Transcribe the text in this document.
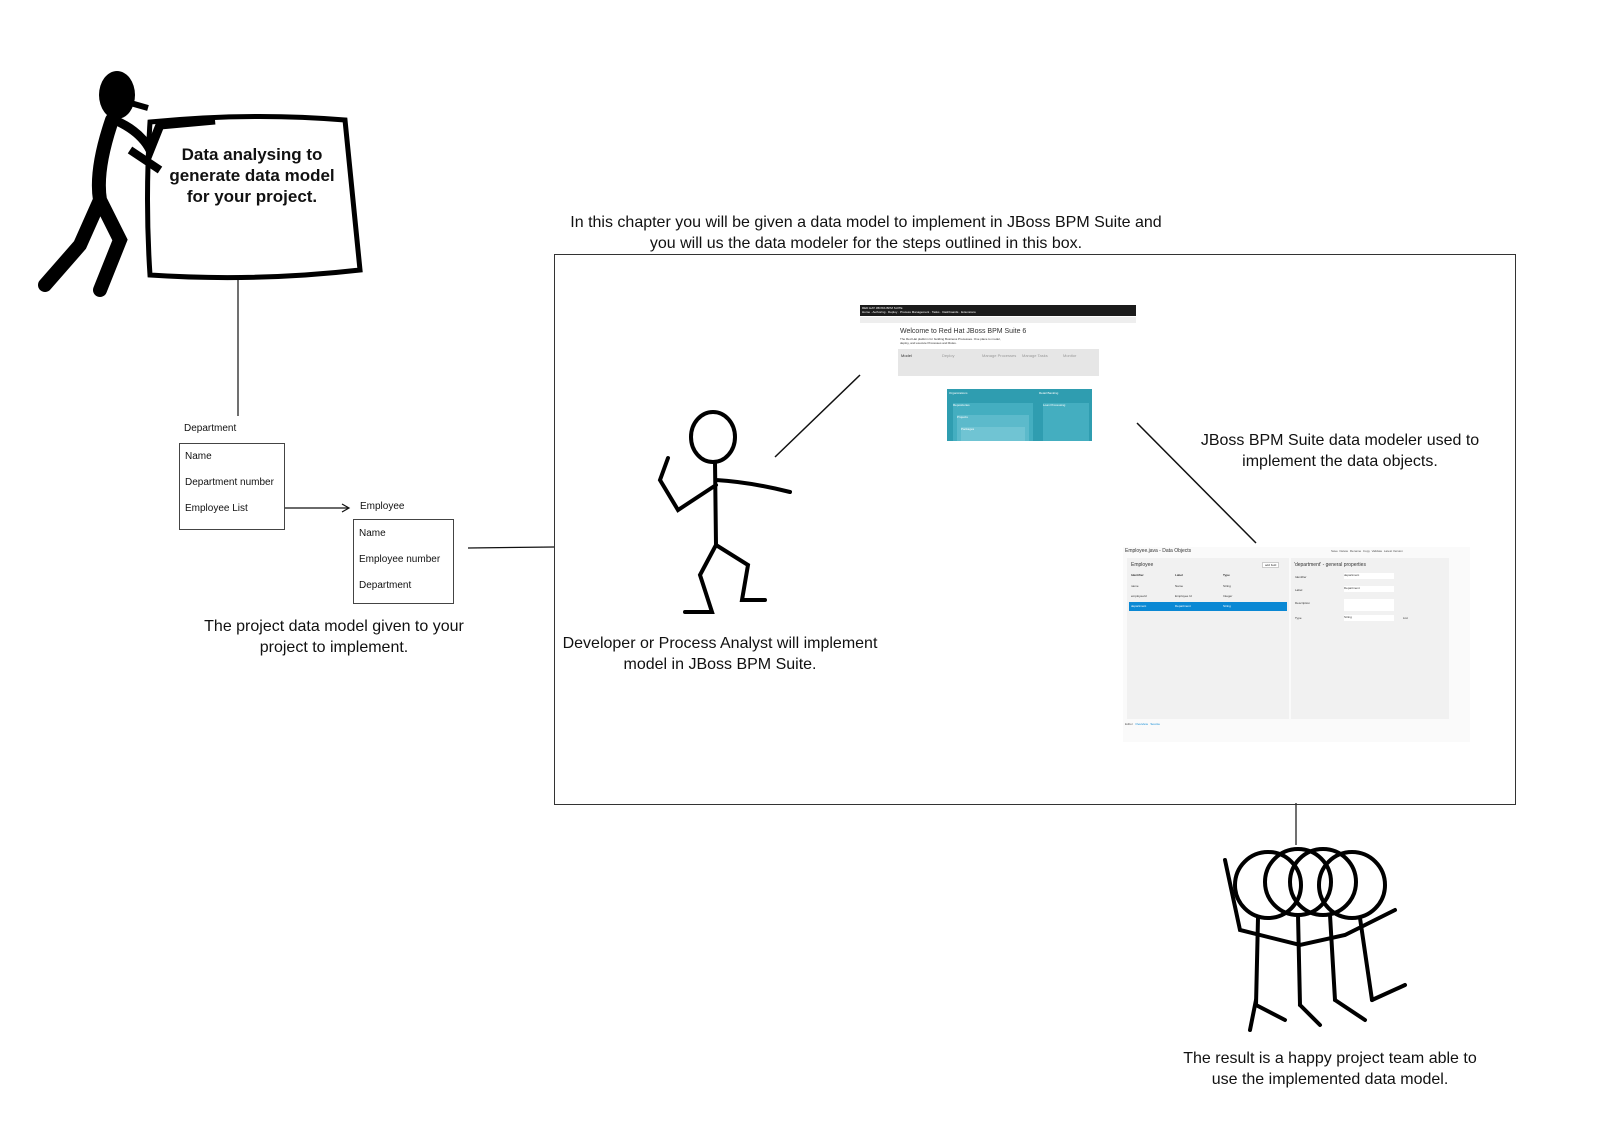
Data analysing to generate data model for your project.
Department
Name
Department number
Employee List	Employee
Name
Employee number
Department
The project data model given to your project to implement.
In this chapter you will be given a data model to implement in JBoss BPM Suite and you will us the data modeler for the steps outlined in this box.
Developer or Process Analyst will implement model in JBoss BPM Suite.
JBoss BPM Suite data modeler used to implement the data objects.
The result is a happy project team able to use the implemented data model.
RED HAT JBOSS BPM SUITE
Home · Authoring · Deploy · Process Management · Tasks · Dashboards · Extensions
Welcome to Red Hat JBoss BPM Suite 6
The Red Hat platform for building Business Processes. One place to model, deploy, and execute Processes and Rules.
Model	Deploy	Manage Processes Manage Tasks	Monitor
Organizations
Repositories
Projects
Packages
Retail Banking
Loan Processing
Employee.java - Data Objects	Save Delete Rename Copy Validate Latest Version
Employee	add field
Identifier	Label	Type
name	Name	String
employeeId	Employee Id	Integer
department	Department	String
'department' - general properties
Identifier	department
Label	Department
Description
Type	String	List
Editor Overview Source
